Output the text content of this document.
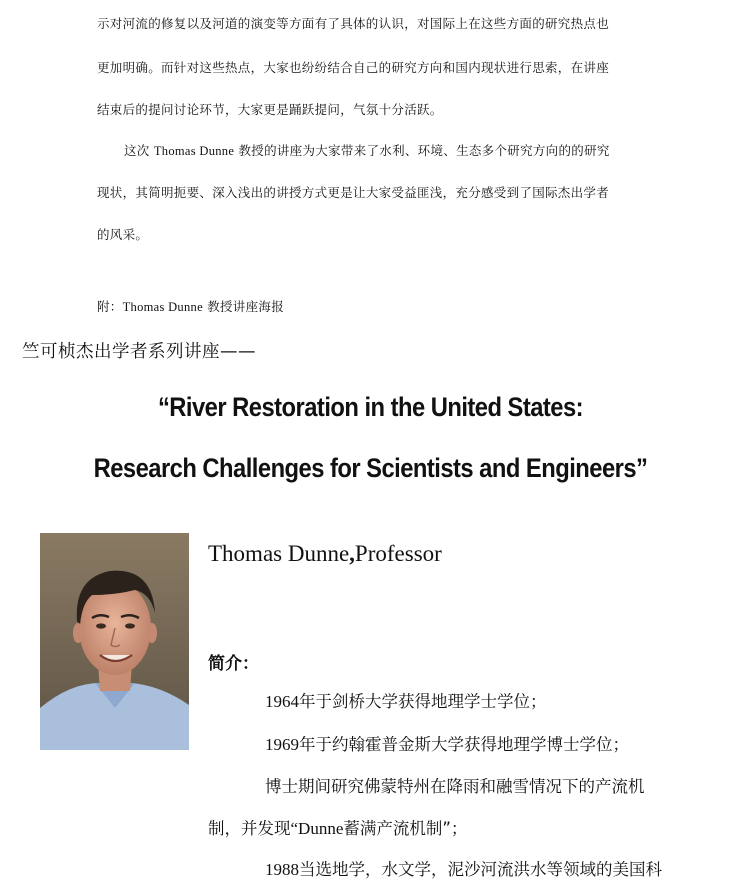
示对河流的修复以及河道的演变等方面有了具体的认识，对国际上在这些方面的研究热点也
更加明确。而针对这些热点，大家也纷纷结合自己的研究方向和国内现状进行思索，在讲座
结束后的提问讨论环节，大家更是踊跃提问，气氛十分活跃。
这次 Thomas Dunne 教授的讲座为大家带来了水利、环境、生态多个研究方向的的研究
现状，其简明扼要、深入浅出的讲授方式更是让大家受益匪浅，充分感受到了国际杰出学者
的风采。
附：Thomas Dunne 教授讲座海报
竺可桢杰出学者系列讲座——
“River Restoration in the United States:
Research Challenges for Scientists and Engineers”
Thomas Dunne,Professor
简介：
1964年于剑桥大学获得地理学士学位；
1969年于约翰霍普金斯大学获得地理学博士学位；
博士期间研究佛蒙特州在降雨和融雪情况下的产流机
制，并发现“Dunne蓄满产流机制”；
1988当选地学，水文学，泥沙河流洪水等领域的美国科
